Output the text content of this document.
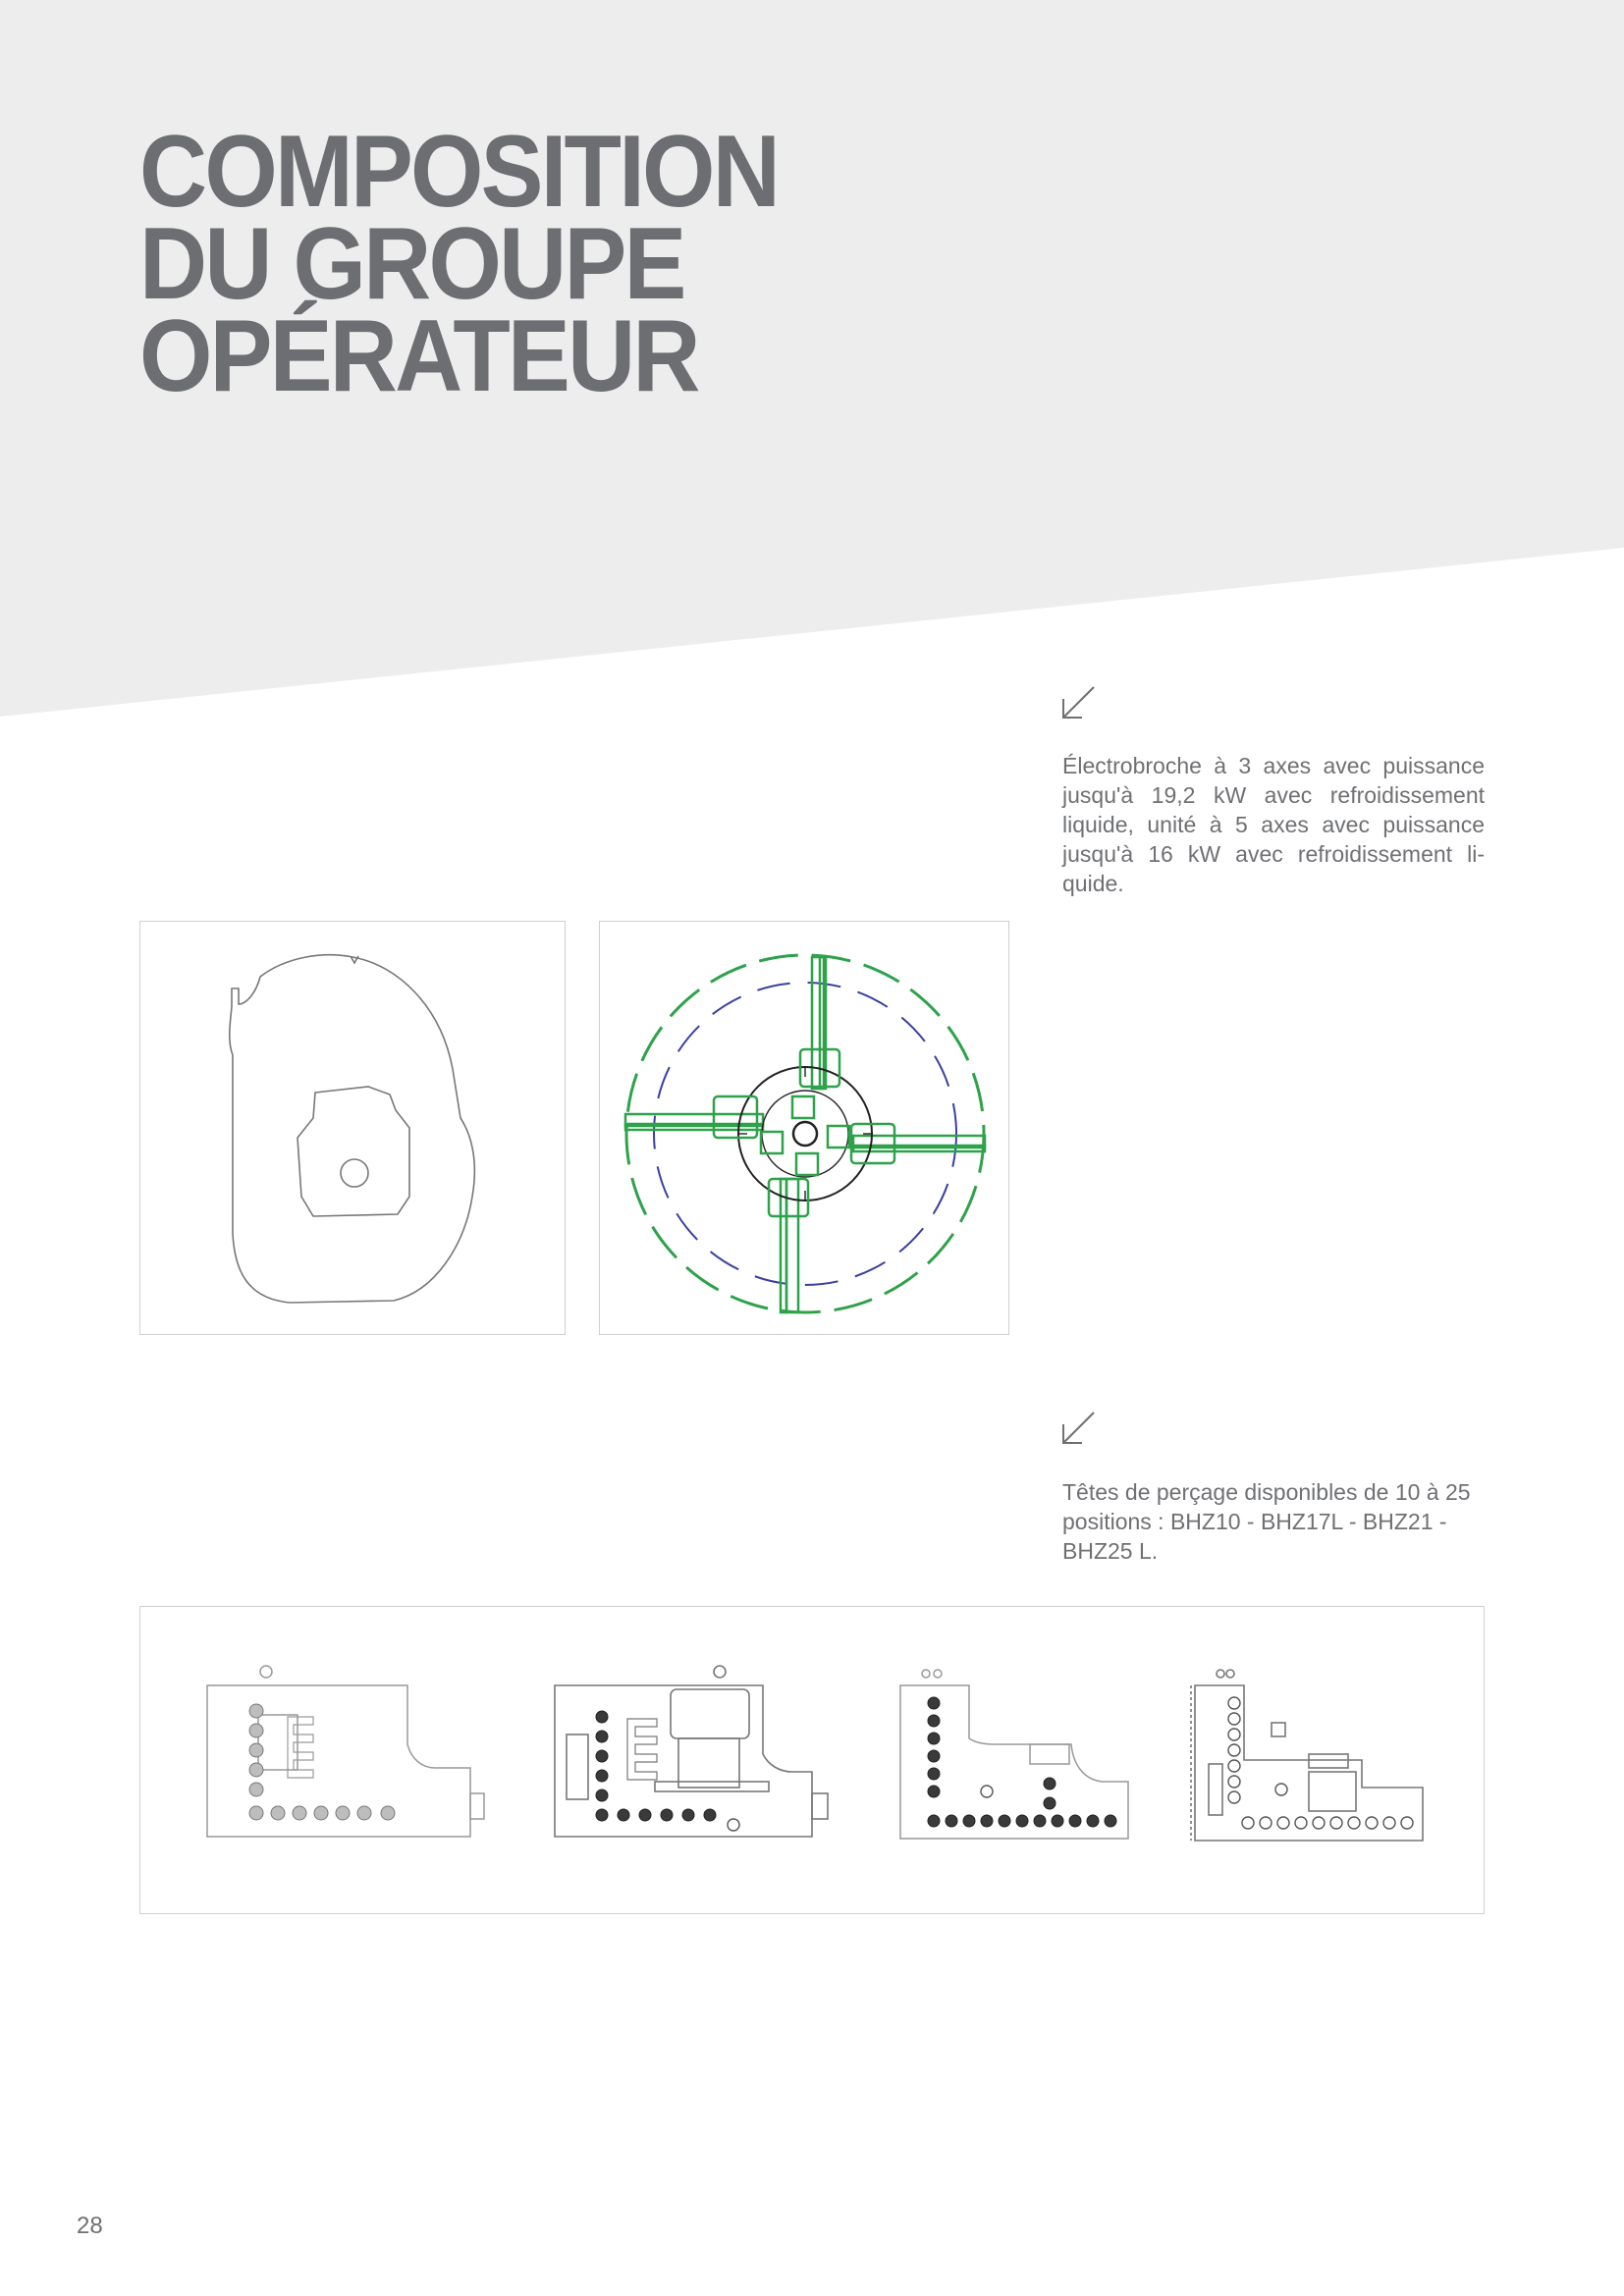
COMPOSITION
DU GROUPE
OPÉRATEUR

Électrobroche à 3 axes avec puissance jusqu'à 19,2 kW avec refroidissement liquide, unité à 5 axes avec puissance jusqu'à 16 kW avec refroidissement li-quide.

Têtes de perçage disponibles de 10 à 25 positions : BHZ10 - BHZ17L - BHZ21 - BHZ25 L.

28
